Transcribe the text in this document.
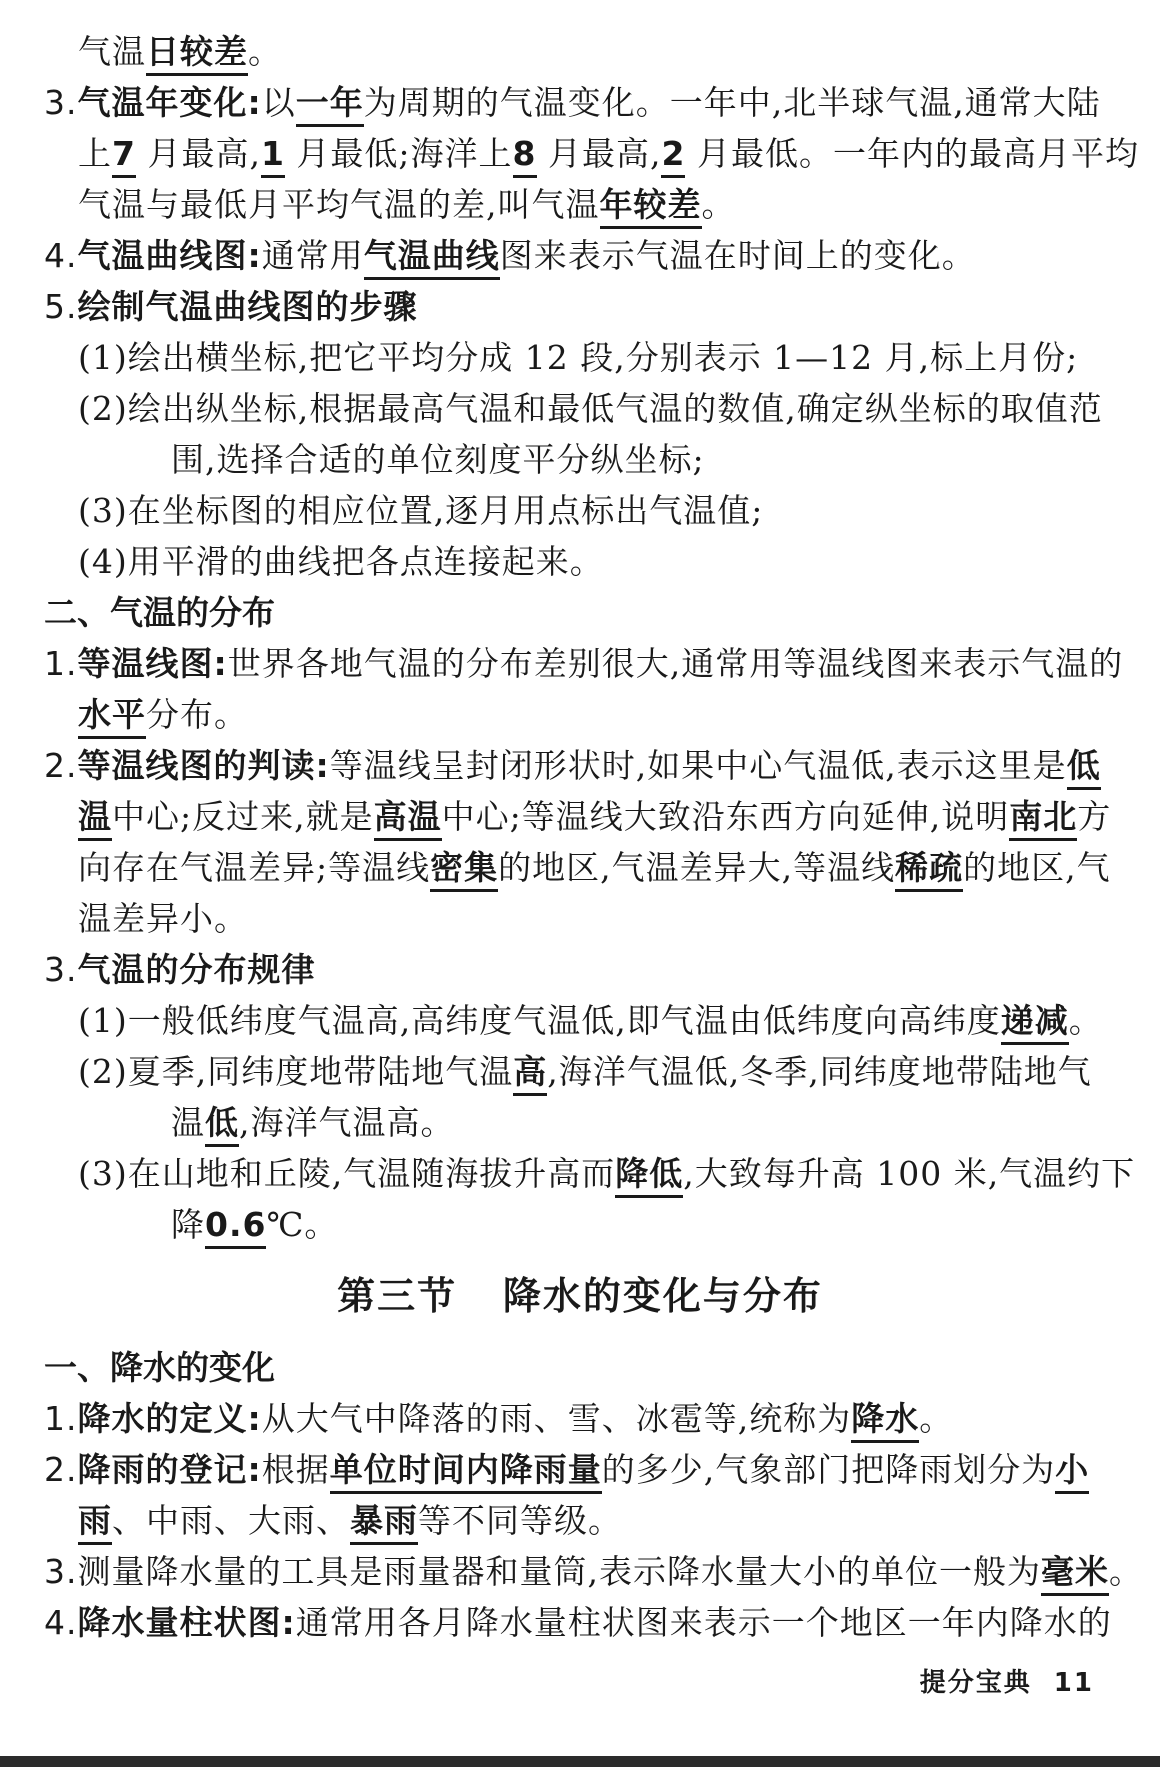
气温日较差。
3.气温年变化:以一年为周期的气温变化。一年中,北半球气温,通常大陆
上7 月最高,1 月最低;海洋上8 月最高,2 月最低。一年内的最高月平均
气温与最低月平均气温的差,叫气温年较差。
4.气温曲线图:通常用气温曲线图来表示气温在时间上的变化。
5.绘制气温曲线图的步骤
(1)绘出横坐标,把它平均分成 12 段,分别表示 1—12 月,标上月份;
(2)绘出纵坐标,根据最高气温和最低气温的数值,确定纵坐标的取值范
围,选择合适的单位刻度平分纵坐标;
(3)在坐标图的相应位置,逐月用点标出气温值;
(4)用平滑的曲线把各点连接起来。
二、气温的分布
1.等温线图:世界各地气温的分布差别很大,通常用等温线图来表示气温的
水平分布。
2.等温线图的判读:等温线呈封闭形状时,如果中心气温低,表示这里是低
温中心;反过来,就是高温中心;等温线大致沿东西方向延伸,说明南北方
向存在气温差异;等温线密集的地区,气温差异大,等温线稀疏的地区,气
温差异小。
3.气温的分布规律
(1)一般低纬度气温高,高纬度气温低,即气温由低纬度向高纬度递减。
(2)夏季,同纬度地带陆地气温高,海洋气温低,冬季,同纬度地带陆地气
温低,海洋气温高。
(3)在山地和丘陵,气温随海拔升高而降低,大致每升高 100 米,气温约下
降0.6℃。
第三节   降水的变化与分布
一、降水的变化
1.降水的定义:从大气中降落的雨、雪、冰雹等,统称为降水。
2.降雨的登记:根据单位时间内降雨量的多少,气象部门把降雨划分为小
雨、中雨、大雨、暴雨等不同等级。
3.测量降水量的工具是雨量器和量筒,表示降水量大小的单位一般为毫米。
4.降水量柱状图:通常用各月降水量柱状图来表示一个地区一年内降水的
提分宝典  11
